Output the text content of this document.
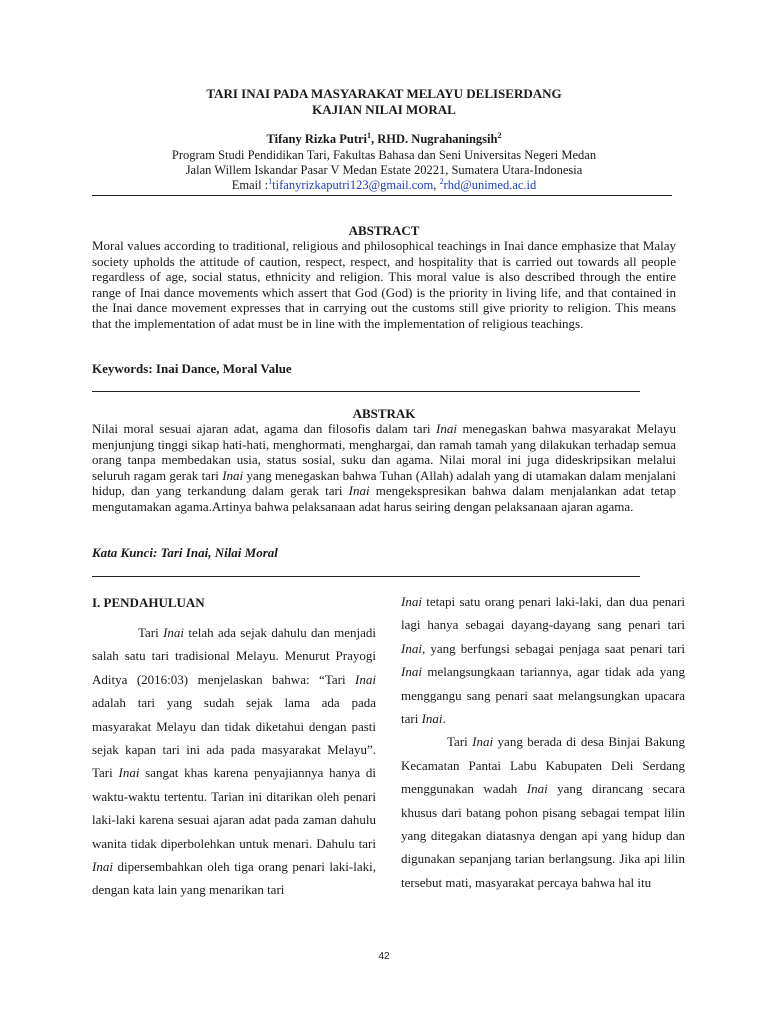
TARI INAI PADA MASYARAKAT MELAYU DELISERDANG
KAJIAN NILAI MORAL
Tifany Rizka Putri$^1$, RHD. Nugrahaningsih$^2$
Program Studi Pendidikan Tari, Fakultas Bahasa dan Seni Universitas Negeri Medan
Jalan Willem Iskandar Pasar V Medan Estate 20221, Sumatera Utara-Indonesia
Email :$^1$tifanyrizkaputri123@gmail.com, $^2$rhd@unimed.ac.id
ABSTRACT

Moral values according to traditional, religious and philosophical teachings in Inai dance emphasize that Malay society upholds the attitude of caution, respect, respect, and hospitality that is carried out towards all people regardless of age, social status, ethnicity and religion. This moral value is also described through the entire range of Inai dance movements which assert that God (God) is the priority in living life, and that contained in the Inai dance movement expresses that in carrying out the customs still give priority to religion. This means that the implementation of adat must be in line with the implementation of religious teachings.

Keywords: Inai Dance, Moral Value
ABSTRAK

Nilai moral sesuai ajaran adat, agama dan filosofis dalam tari Inai menegaskan bahwa masyarakat Melayu menjunjung tinggi sikap hati-hati, menghormati, menghargai, dan ramah tamah yang dilakukan terhadap semua orang tanpa membedakan usia, status sosial, suku dan agama. Nilai moral ini juga dideskripsikan melalui seluruh ragam gerak tari Inai yang menegaskan bahwa Tuhan (Allah) adalah yang di utamakan dalam menjalani hidup, dan yang terkandung dalam gerak tari Inai mengekspresikan bahwa dalam menjalankan adat tetap mengutamakan agama.Artinya bahwa pelaksanaan adat harus seiring dengan pelaksanaan ajaran agama.

Kata Kunci: Tari Inai, Nilai Moral
I. PENDAHULUAN

Tari Inai telah ada sejak dahulu dan menjadi salah satu tari tradisional Melayu. Menurut Prayogi Aditya (2016:03) menjelaskan bahwa: “Tari Inai adalah tari yang sudah sejak lama ada pada masyarakat Melayu dan tidak diketahui dengan pasti sejak kapan tari ini ada pada masyarakat Melayu”. Tari Inai sangat khas karena penyajiannya hanya di waktu-waktu tertentu. Tarian ini ditarikan oleh penari laki-laki karena sesuai ajaran adat pada zaman dahulu wanita tidak diperbolehkan untuk menari. Dahulu tari Inai dipersembahkan oleh tiga orang penari laki-laki, dengan kata lain yang menarikan tari

Inai tetapi satu orang penari laki-laki, dan dua penari lagi hanya sebagai dayang-dayang sang penari tari Inai, yang berfungsi sebagai penjaga saat penari tari Inai melangsungkaan tariannya, agar tidak ada yang menggangu sang penari saat melangsungkan upacara tari Inai.

Tari Inai yang berada di desa Binjai Bakung Kecamatan Pantai Labu Kabupaten Deli Serdang menggunakan wadah Inai yang dirancang secara khusus dari batang pohon pisang sebagai tempat lilin yang ditegakan diatasnya dengan api yang hidup dan digunakan sepanjang tarian berlangsung. Jika api lilin tersebut mati, masyarakat percaya bahwa hal itu

42
